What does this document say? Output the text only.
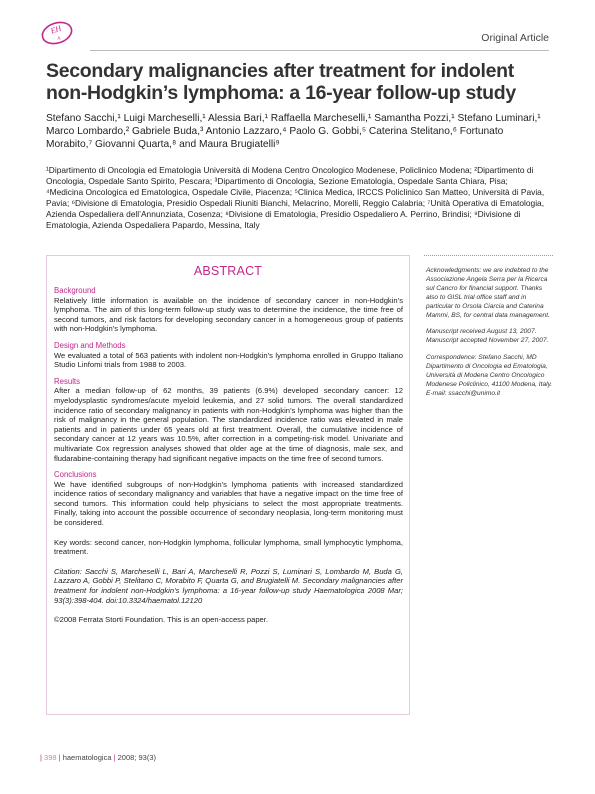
EH
A	Original Article
Secondary malignancies after treatment for indolent non-Hodgkin’s lymphoma: a 16-year follow-up study
Stefano Sacchi,¹ Luigi Marcheselli,¹ Alessia Bari,¹ Raffaella Marcheselli,¹ Samantha Pozzi,¹ Stefano Luminari,¹ Marco Lombardo,² Gabriele Buda,³ Antonio Lazzaro,⁴ Paolo G. Gobbi,⁵ Caterina Stelitano,⁶ Fortunato Morabito,⁷ Giovanni Quarta,⁸ and Maura Brugiatelli⁹
¹Dipartimento di Oncologia ed Ematologia Università di Modena Centro Oncologico Modenese, Policlinico Modena; ²Dipartimento di Oncologia, Ospedale Santo Spirito, Pescara; ³Dipartimento di Oncologia, Sezione Ematologia, Ospedale Santa Chiara, Pisa; ⁴Medicina Oncologica ed Ematologica, Ospedale Civile, Piacenza; ⁵Clinica Medica, IRCCS Policlinico San Matteo, Università di Pavia, Pavia; ⁶Divisione di Ematologia, Presidio Ospedali Riuniti Bianchi, Melacrino, Morelli, Reggio Calabria; ⁷Unità Operativa di Ematologia, Azienda Ospedaliera dell’Annunziata, Cosenza; ⁸Divisione di Ematologia, Presidio Ospedaliero A. Perrino, Brindisi; ⁹Divisione di Ematologia, Azienda Ospedaliera Papardo, Messina, Italy
ABSTRACT
Background

Relatively little information is available on the incidence of secondary cancer in non-Hodgkin’s lymphoma. The aim of this long-term follow-up study was to determine the incidence, the time free of second tumors, and risk factors for developing secondary cancer in a homogeneous group of patients with non-Hodgkin’s lymphoma.

Design and Methods

We evaluated a total of 563 patients with indolent non-Hodgkin’s lymphoma enrolled in Gruppo Italiano Studio Linfomi trials from 1988 to 2003.

Results

After a median follow-up of 62 months, 39 patients (6.9%) developed secondary cancer: 12 myelodysplastic syndromes/acute myeloid leukemia, and 27 solid tumors. The overall standardized incidence ratio of secondary malignancy in patients with non-Hodgkin’s lymphoma was higher than the risk of malignancy in the general population. The standardized incidence ratio was elevated in male patients and in patients under 65 years old at first treatment. Overall, the cumulative incidence of secondary cancer at 12 years was 10.5%, after correction in a competing-risk model. Univariate and multivariate Cox regression analyses showed that older age at the time of diagnosis, male sex, and fludarabine-containing therapy had significant negative impacts on the time free of second tumors.

Conclusions

We have identified subgroups of non-Hodgkin’s lymphoma patients with increased standardized incidence ratios of secondary malignancy and variables that have a negative impact on the time free of second tumors. This information could help physicians to select the most appropriate treatments. Finally, taking into account the possible occurrence of secondary neoplasia, long-term monitoring must be considered.

Key words: second cancer, non-Hodgkin lymphoma, follicular lymphoma, small lymphocytic lymphoma, treatment.

Citation: Sacchi S, Marcheselli L, Bari A, Marcheselli R, Pozzi S, Luminari S, Lombardo M, Buda G, Lazzaro A, Gobbi P, Stelitano C, Morabito F, Quarta G, and Brugiatelli M. Secondary malignancies after treatment for indolent non-Hodgkin’s lymphoma: a 16-year follow-up study Haematologica 2008 Mar; 93(3):398-404. doi:10.3324/haematol.12120

©2008 Ferrata Storti Foundation. This is an open-access paper.

Acknowledgments: we are indebted to the Associazione Angela Serra per la Ricerca sul Cancro for financial support. Thanks also to GISL trial office staff and in particular to Orsola Ciarcia and Caterina Mammi, BS, for central data management.

Manuscript received August 13, 2007.

Manuscript accepted November 27, 2007.

Correspondence: Stefano Sacchi, MD Dipartimento di Oncologia ed Ematologia, Università di Modena Centro Oncologico Modenese Policlinico, 41100 Modena, Italy. E-mail: ssacchi@unimo.it

| 398 | haematologica | 2008; 93(3)
